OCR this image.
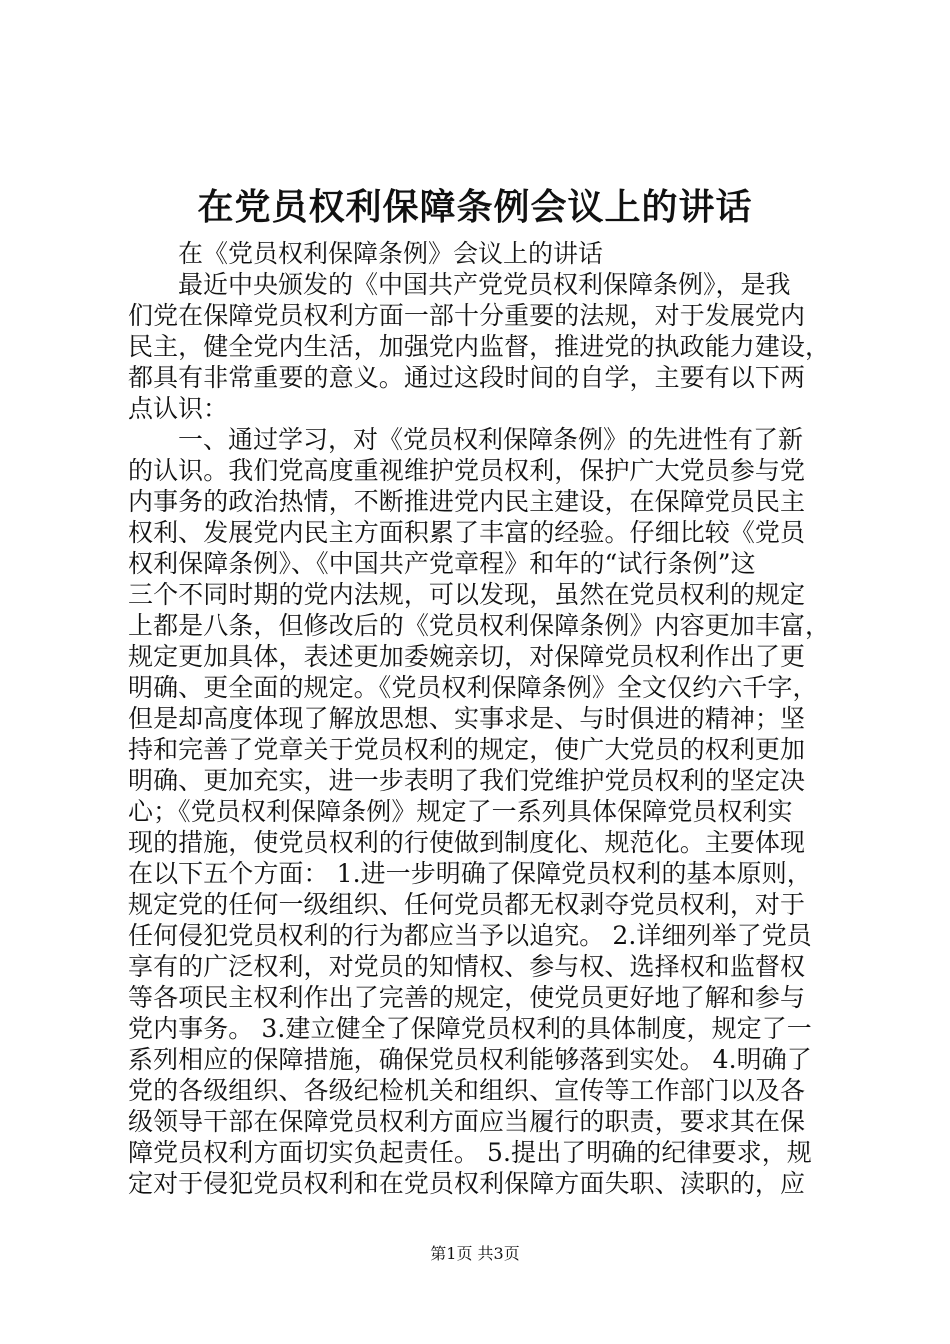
在党员权利保障条例会议上的讲话
　　在《党员权利保障条例》会议上的讲话
　　最近中央颁发的《中国共产党党员权利保障条例》，是我
们党在保障党员权利方面一部十分重要的法规，对于发展党内
民主，健全党内生活，加强党内监督，推进党的执政能力建设，
都具有非常重要的意义。通过这段时间的自学，主要有以下两
点认识：
　　一、通过学习，对《党员权利保障条例》的先进性有了新
的认识。我们党高度重视维护党员权利，保护广大党员参与党
内事务的政治热情，不断推进党内民主建设，在保障党员民主
权利、发展党内民主方面积累了丰富的经验。仔细比较《党员
权利保障条例》、《中国共产党章程》和年的“试行条例”这
三个不同时期的党内法规，可以发现，虽然在党员权利的规定
上都是八条，但修改后的《党员权利保障条例》内容更加丰富，
规定更加具体，表述更加委婉亲切，对保障党员权利作出了更
明确、更全面的规定。《党员权利保障条例》全文仅约六千字，
但是却高度体现了解放思想、实事求是、与时俱进的精神；坚
持和完善了党章关于党员权利的规定，使广大党员的权利更加
明确、更加充实，进一步表明了我们党维护党员权利的坚定决
心；《党员权利保障条例》规定了一系列具体保障党员权利实
现的措施，使党员权利的行使做到制度化、规范化。主要体现
在以下五个方面： 1.进一步明确了保障党员权利的基本原则，
规定党的任何一级组织、任何党员都无权剥夺党员权利，对于
任何侵犯党员权利的行为都应当予以追究。 2.详细列举了党员
享有的广泛权利，对党员的知情权、参与权、选择权和监督权
等各项民主权利作出了完善的规定，使党员更好地了解和参与
党内事务。 3.建立健全了保障党员权利的具体制度，规定了一
系列相应的保障措施，确保党员权利能够落到实处。 4.明确了
党的各级组织、各级纪检机关和组织、宣传等工作部门以及各
级领导干部在保障党员权利方面应当履行的职责，要求其在保
障党员权利方面切实负起责任。 5.提出了明确的纪律要求，规
定对于侵犯党员权利和在党员权利保障方面失职、渎职的，应
第1页 共3页
